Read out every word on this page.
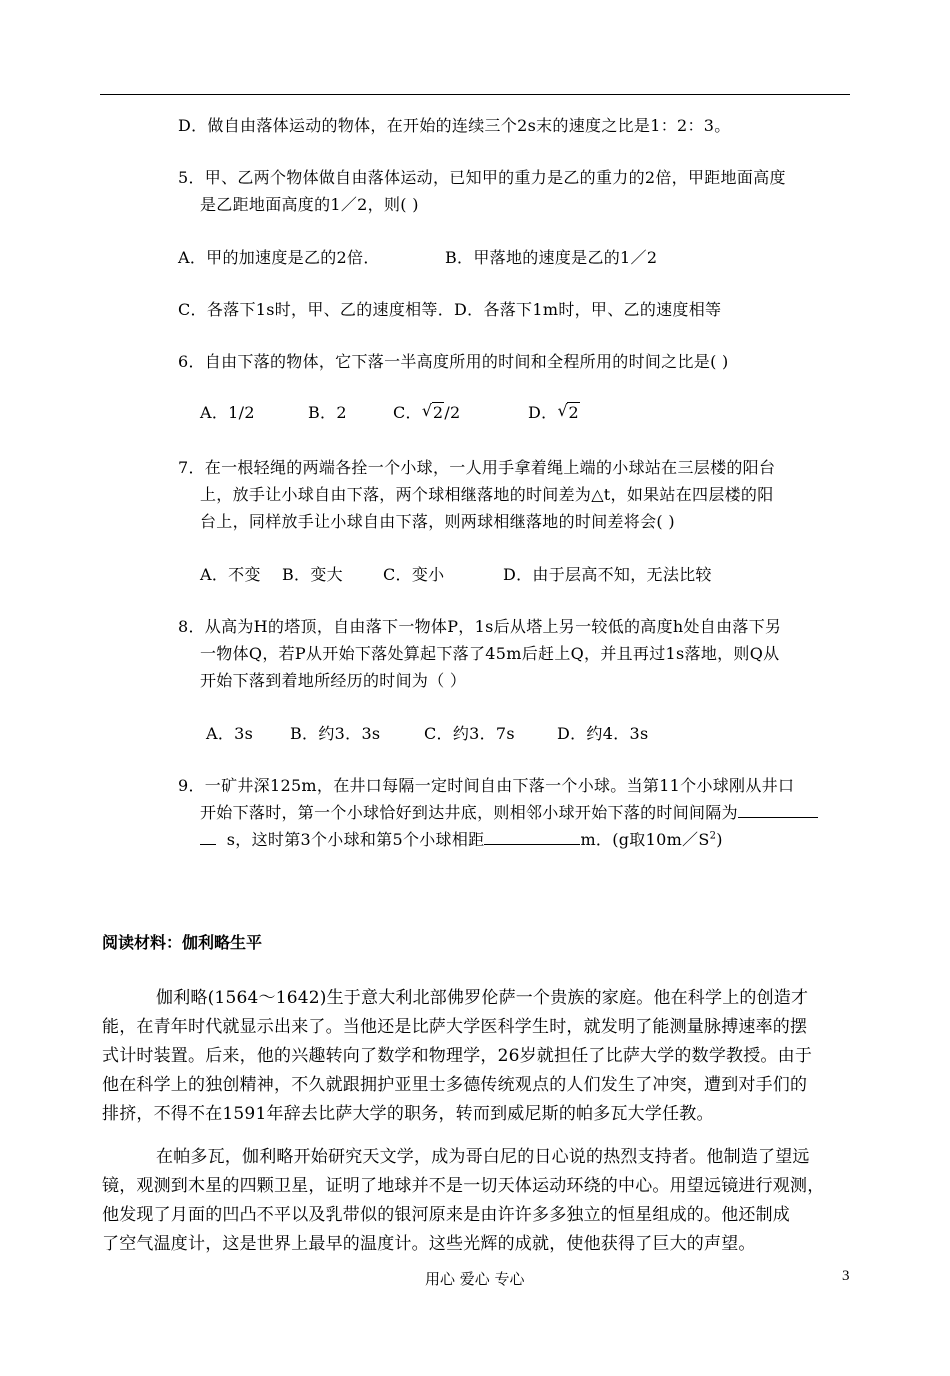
D．做自由落体运动的物体，在开始的连续三个2s末的速度之比是1：2：3。
5．甲、乙两个物体做自由落体运动，已知甲的重力是乙的重力的2倍，甲距地面高度
是乙距地面高度的1／2，则( )
A．甲的加速度是乙的2倍．	B．甲落地的速度是乙的1／2
C．各落下1s时，甲、乙的速度相等．D．各落下1m时，甲、乙的速度相等
6．自由下落的物体，它下落一半高度所用的时间和全程所用的时间之比是( )
A．1/2	B．2	C． √ 2/2	D． √ 2
7．在一根轻绳的两端各拴一个小球，一人用手拿着绳上端的小球站在三层楼的阳台
上，放手让小球自由下落，两个球相继落地的时间差为△t，如果站在四层楼的阳
台上，同样放手让小球自由下落，则两球相继落地的时间差将会( )
A．不变 B．变大	C．变小	D．由于层高不知，无法比较
8．从高为H的塔顶，自由落下一物体P，1s后从塔上另一较低的高度h处自由落下另
一物体Q，若P从开始下落处算起下落了45m后赶上Q，并且再过1s落地，则Q从
开始下落到着地所经历的时间为（ ）
A．3s B．约3．3s	C．约3．7s	D．约4．3s
9．一矿井深125m，在井口每隔一定时间自由下落一个小球。当第11个小球刚从井口
开始下落时，第一个小球恰好到达井底，则相邻小球开始下落的时间间隔为
s，这时第3个小球和第5个小球相距	m．(g取$10m/S^2$)
阅读材料：伽利略生平
伽利略(1564～1642)生于意大利北部佛罗伦萨一个贵族的家庭。他在科学上的创造才
能，在青年时代就显示出来了。当他还是比萨大学医科学生时，就发明了能测量脉搏速率的摆
式计时装置。后来，他的兴趣转向了数学和物理学，26岁就担任了比萨大学的数学教授。由于
他在科学上的独创精神，不久就跟拥护亚里士多德传统观点的人们发生了冲突，遭到对手们的
排挤，不得不在1591年辞去比萨大学的职务，转而到威尼斯的帕多瓦大学任教。
在帕多瓦，伽利略开始研究天文学，成为哥白尼的日心说的热烈支持者。他制造了望远
镜，观测到木星的四颗卫星，证明了地球并不是一切天体运动环绕的中心。用望远镜进行观测，
他发现了月面的凹凸不平以及乳带似的银河原来是由许许多多独立的恒星组成的。他还制成
了空气温度计，这是世界上最早的温度计。这些光辉的成就，使他获得了巨大的声望。
用心 爱心 专心	3
